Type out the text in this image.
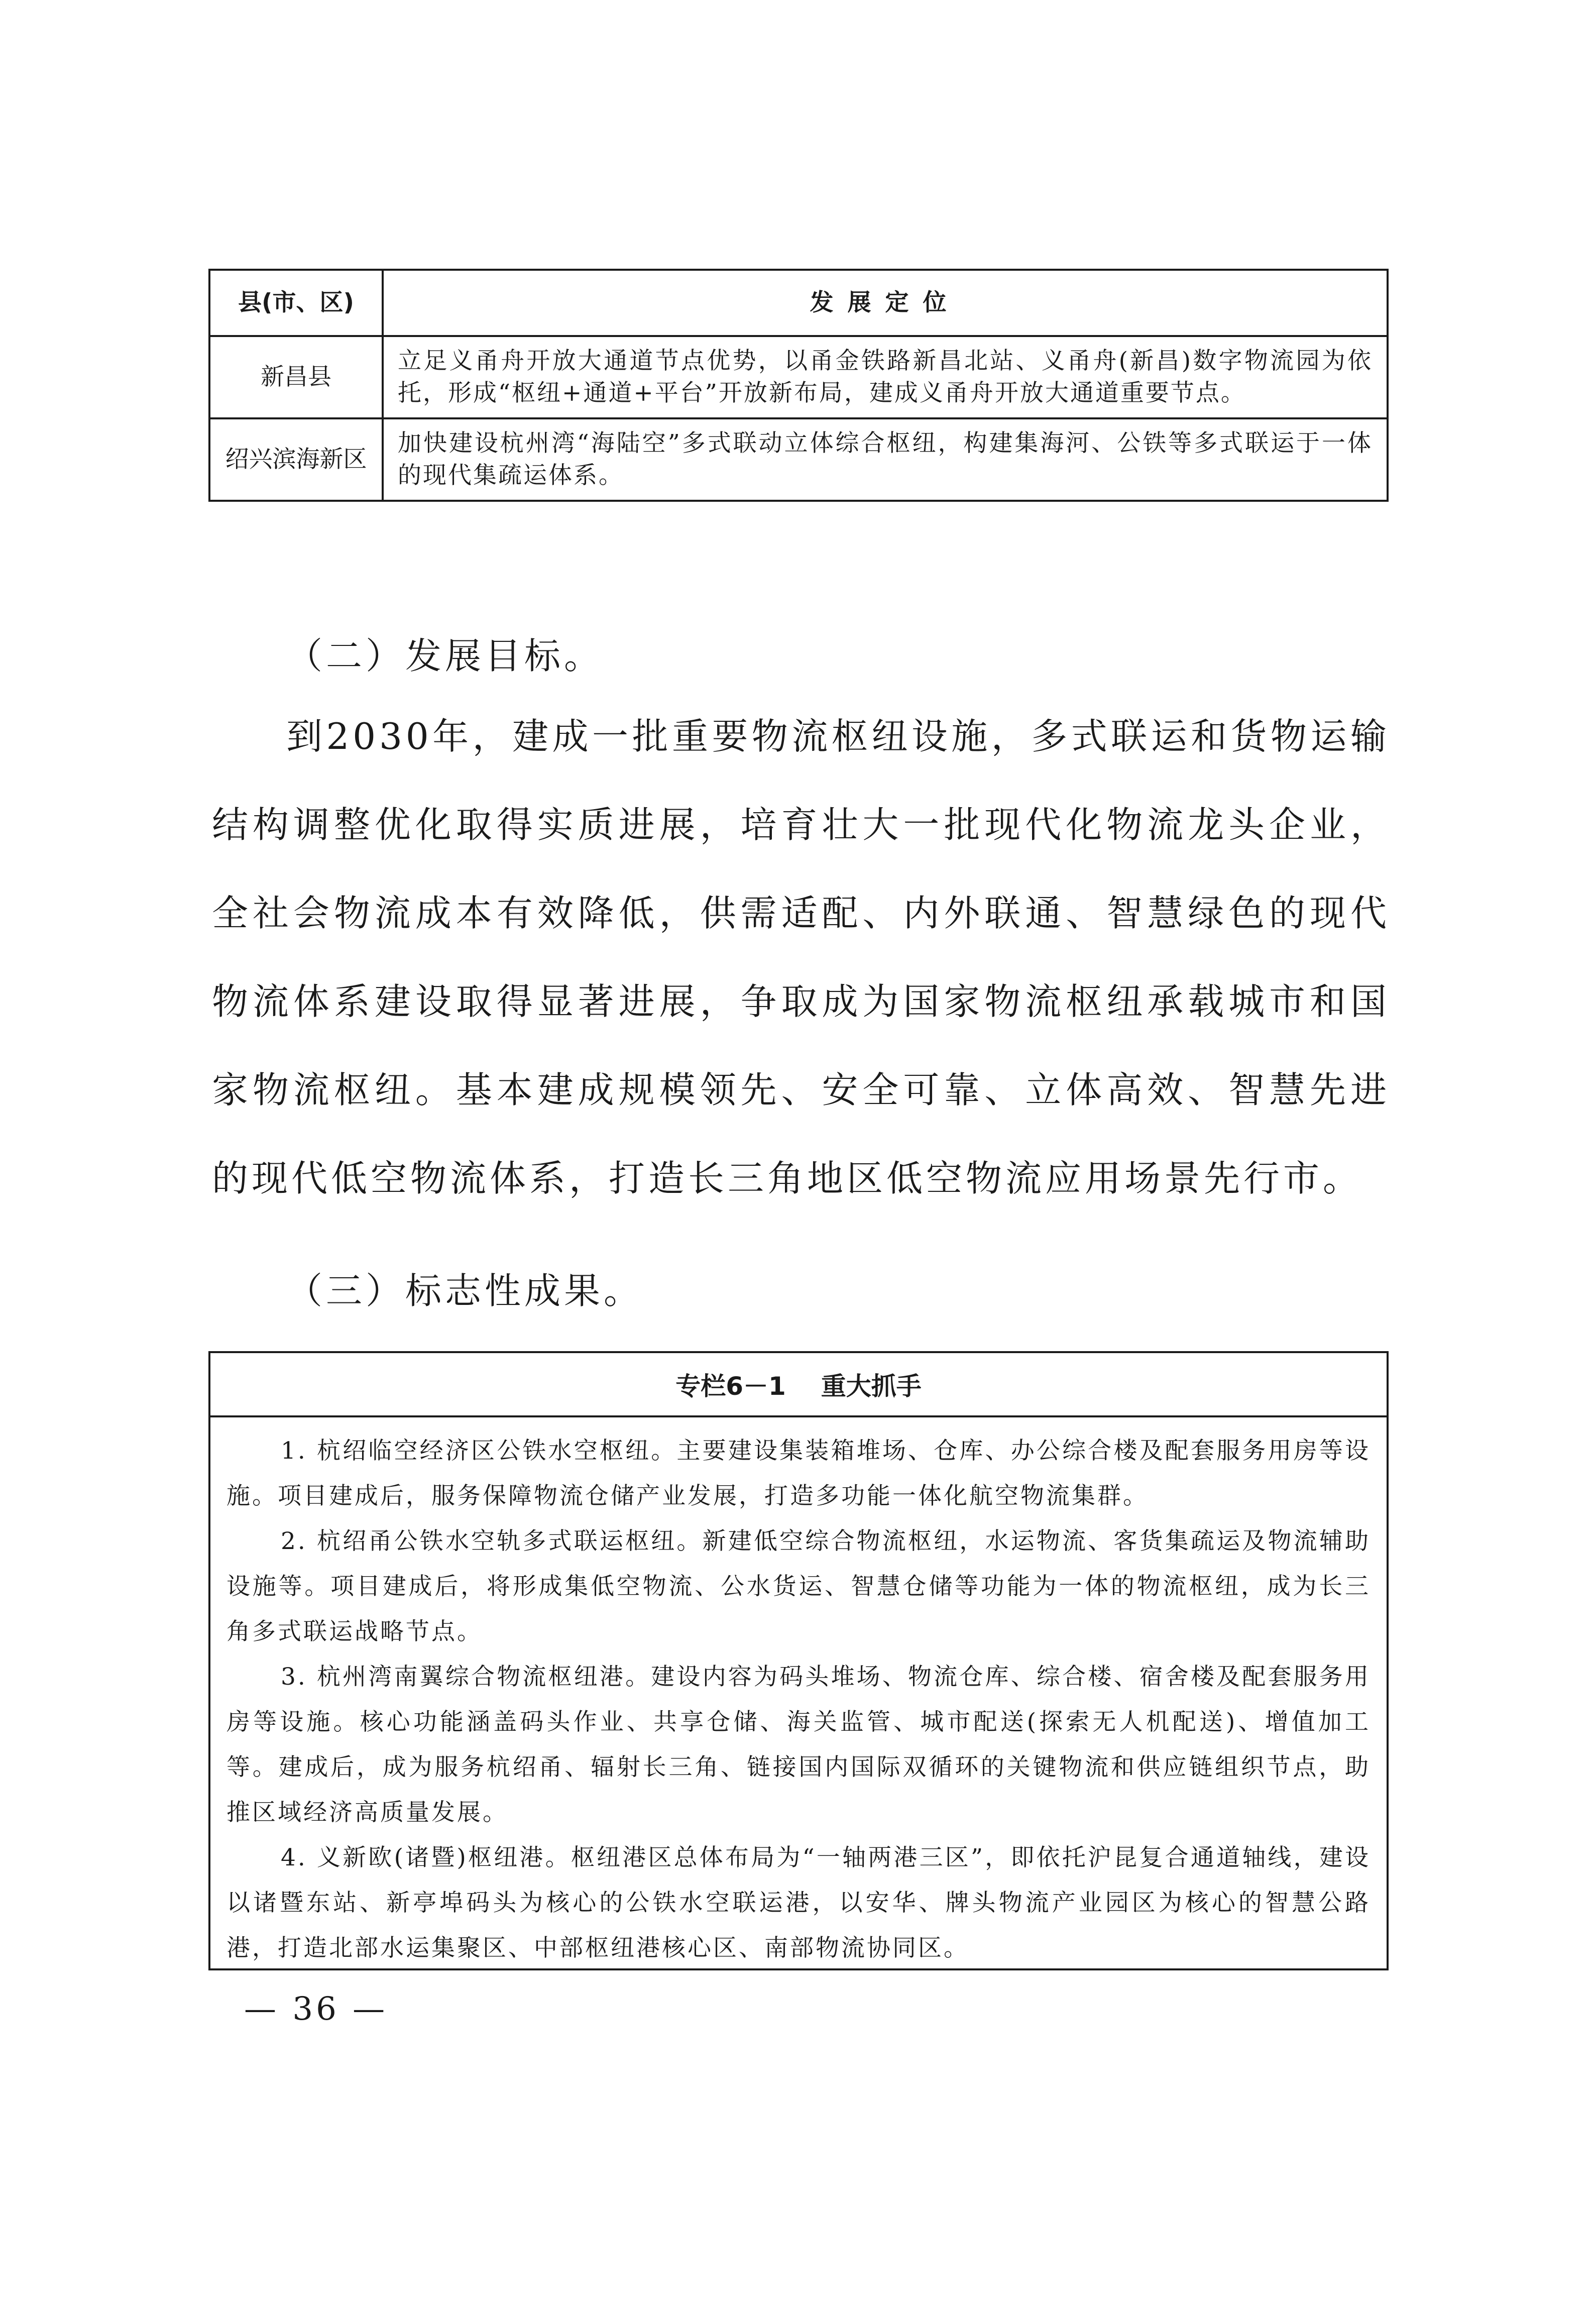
县(市、区)	发展定位
新昌县	立足义甬舟开放大通道节点优势，以甬金铁路新昌北站、义甬舟(新昌)数字物流园为依托，形成“枢纽+通道+平台”开放新布局，建成义甬舟开放大通道重要节点。
绍兴滨海新区	加快建设杭州湾“海陆空”多式联动立体综合枢纽，构建集海河、公铁等多式联运于一体的现代集疏运体系。

（二）发展目标。

到2030年，建成一批重要物流枢纽设施，多式联运和货物运输结构调整优化取得实质进展，培育壮大一批现代化物流龙头企业，全社会物流成本有效降低，供需适配、内外联通、智慧绿色的现代物流体系建设取得显著进展，争取成为国家物流枢纽承载城市和国家物流枢纽。基本建成规模领先、安全可靠、立体高效、智慧先进的现代低空物流体系，打造长三角地区低空物流应用场景先行市。

（三）标志性成果。

专栏6－1 重大抓手

1. 杭绍临空经济区公铁水空枢纽。主要建设集装箱堆场、仓库、办公综合楼及配套服务用房等设施。项目建成后，服务保障物流仓储产业发展，打造多功能一体化航空物流集群。

2. 杭绍甬公铁水空轨多式联运枢纽。新建低空综合物流枢纽，水运物流、客货集疏运及物流辅助设施等。项目建成后，将形成集低空物流、公水货运、智慧仓储等功能为一体的物流枢纽，成为长三角多式联运战略节点。

3. 杭州湾南翼综合物流枢纽港。建设内容为码头堆场、物流仓库、综合楼、宿舍楼及配套服务用房等设施。核心功能涵盖码头作业、共享仓储、海关监管、城市配送(探索无人机配送)、增值加工等。建成后，成为服务杭绍甬、辐射长三角、链接国内国际双循环的关键物流和供应链组织节点，助推区域经济高质量发展。

4. 义新欧(诸暨)枢纽港。枢纽港区总体布局为“一轴两港三区”，即依托沪昆复合通道轴线，建设以诸暨东站、新亭埠码头为核心的公铁水空联运港，以安华、牌头物流产业园区为核心的智慧公路港，打造北部水运集聚区、中部枢纽港核心区、南部物流协同区。

— 36 —
